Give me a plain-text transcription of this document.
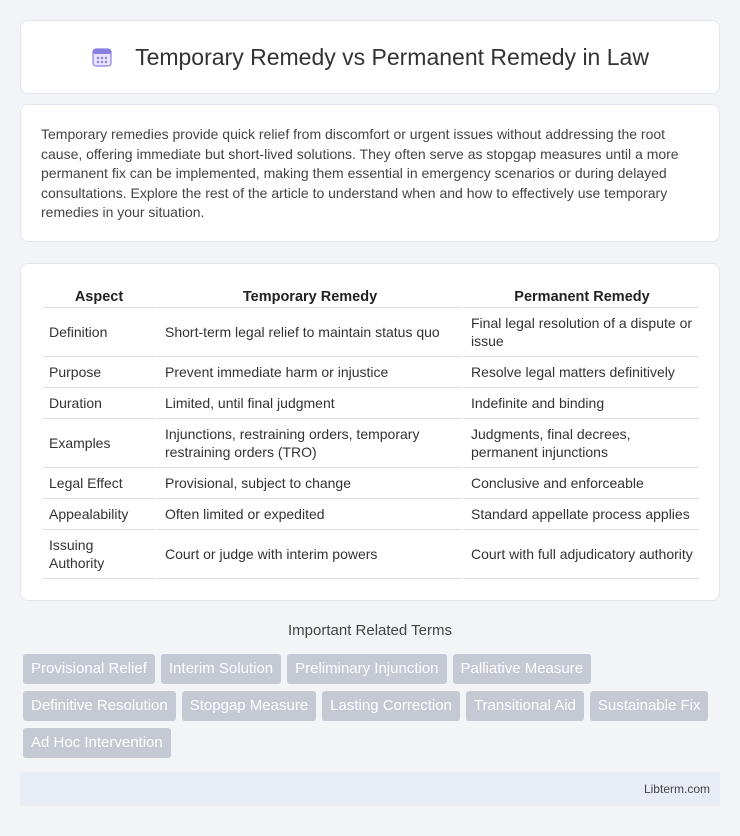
Temporary Remedy vs Permanent Remedy in Law

Temporary remedies provide quick relief from discomfort or urgent issues without addressing the root cause, offering immediate but short-lived solutions. They often serve as stopgap measures until a more permanent fix can be implemented, making them essential in emergency scenarios or during delayed consultations. Explore the rest of the article to understand when and how to effectively use temporary remedies in your situation.

Aspect	Temporary Remedy	Permanent Remedy
Definition	Short-term legal relief to maintain status quo	Final legal resolution of a dispute or issue
Purpose	Prevent immediate harm or injustice	Resolve legal matters definitively
Duration	Limited, until final judgment	Indefinite and binding
Examples	Injunctions, restraining orders, temporary restraining orders (TRO)	Judgments, final decrees, permanent injunctions
Legal Effect	Provisional, subject to change	Conclusive and enforceable
Appealability	Often limited or expedited	Standard appellate process applies
Issuing Authority	Court or judge with interim powers	Court with full adjudicatory authority
Important Related Terms
Provisional Relief	Interim Solution	Preliminary Injunction	Palliative Measure
Definitive Resolution	Stopgap Measure	Lasting Correction	Transitional Aid	Sustainable Fix
Ad Hoc Intervention
Libterm.com
